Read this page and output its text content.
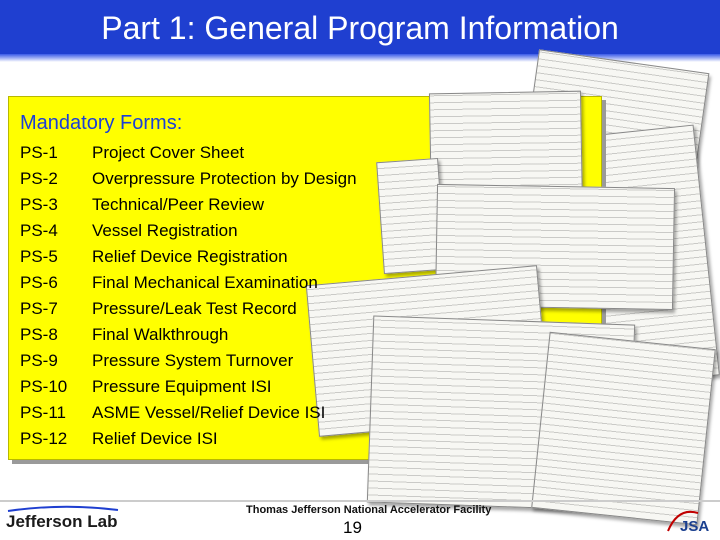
Part 1: General Program Information
Mandatory Forms:
PS-1	Project Cover Sheet
PS-2	Overpressure Protection by Design
PS-3	Technical/Peer Review
PS-4	Vessel Registration
PS-5	Relief Device Registration
PS-6	Final Mechanical Examination
PS-7	Pressure/Leak Test Record
PS-8	Final Walkthrough
PS-9	Pressure System Turnover
PS-10	Pressure Equipment ISI
PS-11	ASME Vessel/Relief Device ISI
PS-12	Relief Device ISI
Jefferson Lab
Thomas Jefferson National Accelerator Facility
19	JSA
